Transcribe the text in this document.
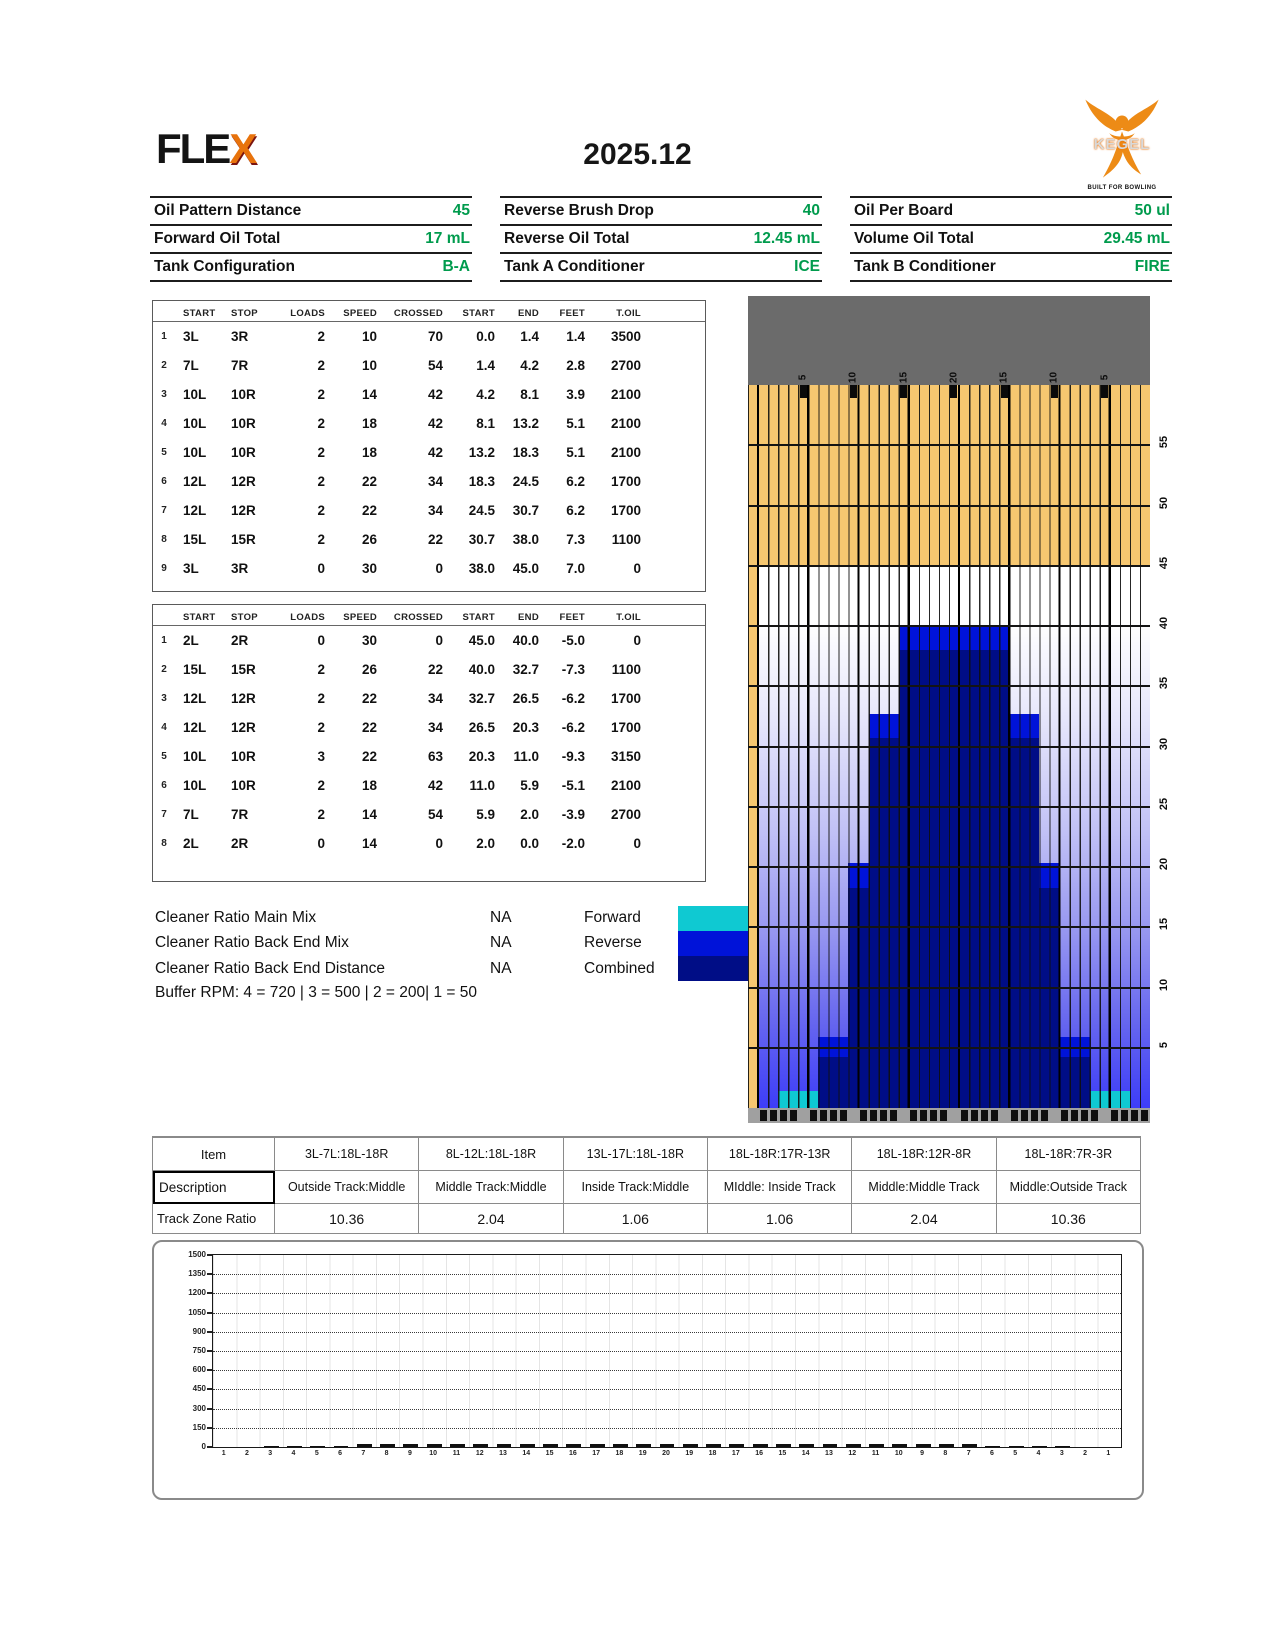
FLEX	2025.12	KEGEL
BUILT FOR BOWLING
Oil Pattern Distance	45 Reverse Brush Drop	40 Oil Per Board	50 ul
Forward Oil Total	17 mL Reverse Oil Total	12.45 mL Volume Oil Total	29.45 mL
Tank Configuration	B-A Tank A Conditioner	ICE Tank B Conditioner	FIRE
START	STOP	LOADS	SPEED	CROSSED	START	END	FEET	T.OIL
1	3L	3R	2	10	70	0.0	1.4	1.4	3500
2	7L	7R	2	10	54	1.4	4.2	2.8	2700
3	10L	10R	2	14	42	4.2	8.1	3.9	2100
4	10L	10R	2	18	42	8.1	13.2	5.1	2100
5	10L	10R	2	18	42	13.2	18.3	5.1	2100
6	12L	12R	2	22	34	18.3	24.5	6.2	1700
7	12L	12R	2	22	34	24.5	30.7	6.2	1700
8	15L	15R	2	26	22	30.7	38.0	7.3	1100
9	3L	3R	0	30	0	38.0	45.0	7.0	0
START	STOP	LOADS	SPEED	CROSSED	START	END	FEET	T.OIL
1	2L	2R	0	30	0	45.0	40.0	-5.0	0
2	15L	15R	2	26	22	40.0	32.7	-7.3	1100
3	12L	12R	2	22	34	32.7	26.5	-6.2	1700
4	12L	12R	2	22	34	26.5	20.3	-6.2	1700
5	10L	10R	3	22	63	20.3	11.0	-9.3	3150
6	10L	10R	2	18	42	11.0	5.9	-5.1	2100
7	7L	7R	2	14	54	5.9	2.0	-3.9	2700
8	2L	2R	0	14	0	2.0	0.0	-2.0	0
Cleaner Ratio Main Mix	NA	Forward
Cleaner Ratio Back End Mix	NA	Reverse
Cleaner Ratio Back End Distance	NA	Combined
Buffer RPM: 4 = 720 | 3 = 500 | 2 = 200| 1 = 50
5	10	15	20	15	10	5
55
50
45
40
35
30
25
20
15
10
5
Item	3L-7L:18L-18R	8L-12L:18L-18R	13L-17L:18L-18R	18L-18R:17R-13R	18L-18R:12R-8R	18L-18R:7R-3R
Description	Outside Track:Middle	Middle Track:Middle	Inside Track:Middle	MIddle: Inside Track	Middle:Middle Track	Middle:Outside Track
Track Zone Ratio	10.36	2.04	1.06	1.06	2.04	10.36
0
150
300
450
600
750
900
1050
1200
1350
1500
1	2	3	4	5	6	7	8	9	10	11	12	13	14	15	16	17	18	19	20	19	18	17	16	15	14	13	12	11	10	9	8	7	6	5	4	3	2	1
